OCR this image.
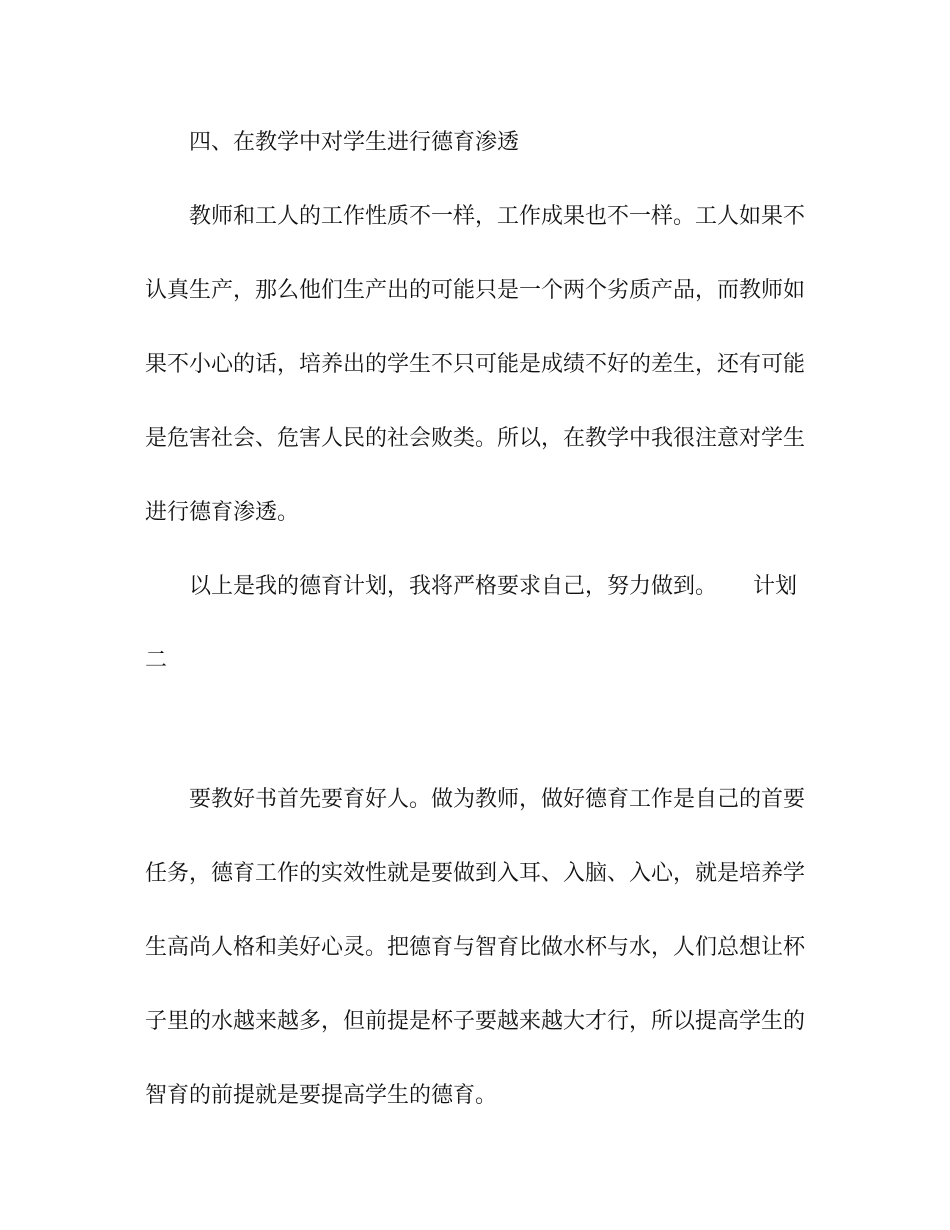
四、在教学中对学生进行德育渗透
教师和工人的工作性质不一样，工作成果也不一样。工人如果不
认真生产，那么他们生产出的可能只是一个两个劣质产品，而教师如
果不小心的话，培养出的学生不只可能是成绩不好的差生，还有可能
是危害社会、危害人民的社会败类。所以，在教学中我很注意对学生
进行德育渗透。
以上是我的德育计划，我将严格要求自己，努力做到。 计划
二
要教好书首先要育好人。做为教师，做好德育工作是自己的首要
任务，德育工作的实效性就是要做到入耳、入脑、入心，就是培养学
生高尚人格和美好心灵。把德育与智育比做水杯与水，人们总想让杯
子里的水越来越多，但前提是杯子要越来越大才行，所以提高学生的
智育的前提就是要提高学生的德育。
